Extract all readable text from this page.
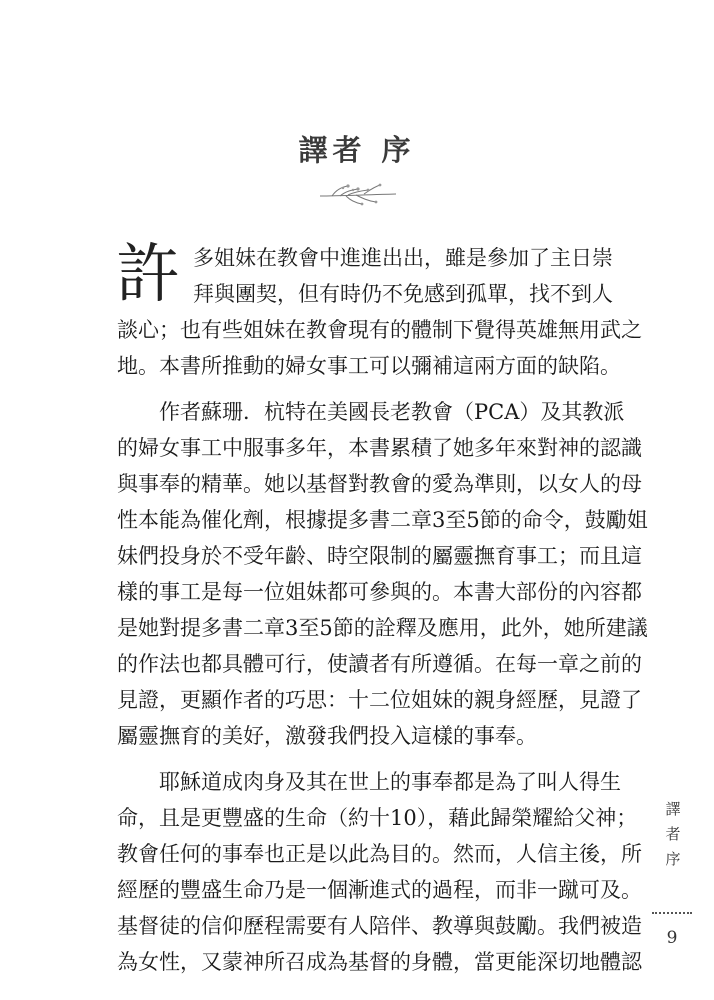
譯者 序
許 多姐妹在教會中進進出出，雖是參加了主日崇
拜與團契，但有時仍不免感到孤單，找不到人
談心；也有些姐妹在教會現有的體制下覺得英雄無用武之
地。本書所推動的婦女事工可以彌補這兩方面的缺陷。
作者蘇珊．杭特在美國長老教會（PCA）及其教派
的婦女事工中服事多年，本書累積了她多年來對神的認識
與事奉的精華。她以基督對教會的愛為準則，以女人的母
性本能為催化劑，根據提多書二章3至5節的命令，鼓勵姐
妹們投身於不受年齡、時空限制的屬靈撫育事工；而且這
樣的事工是每一位姐妹都可參與的。本書大部份的內容都
是她對提多書二章3至5節的詮釋及應用，此外，她所建議
的作法也都具體可行，使讀者有所遵循。在每一章之前的
見證，更顯作者的巧思：十二位姐妹的親身經歷，見證了
屬靈撫育的美好，激發我們投入這樣的事奉。
耶穌道成肉身及其在世上的事奉都是為了叫人得生
命，且是更豐盛的生命（約十10），藉此歸榮耀給父神；
教會任何的事奉也正是以此為目的。然而，人信主後，所
經歷的豐盛生命乃是一個漸進式的過程，而非一蹴可及。
基督徒的信仰歷程需要有人陪伴、教導與鼓勵。我們被造
為女性，又蒙神所召成為基督的身體，當更能深切地體認
譯
者
序
9
